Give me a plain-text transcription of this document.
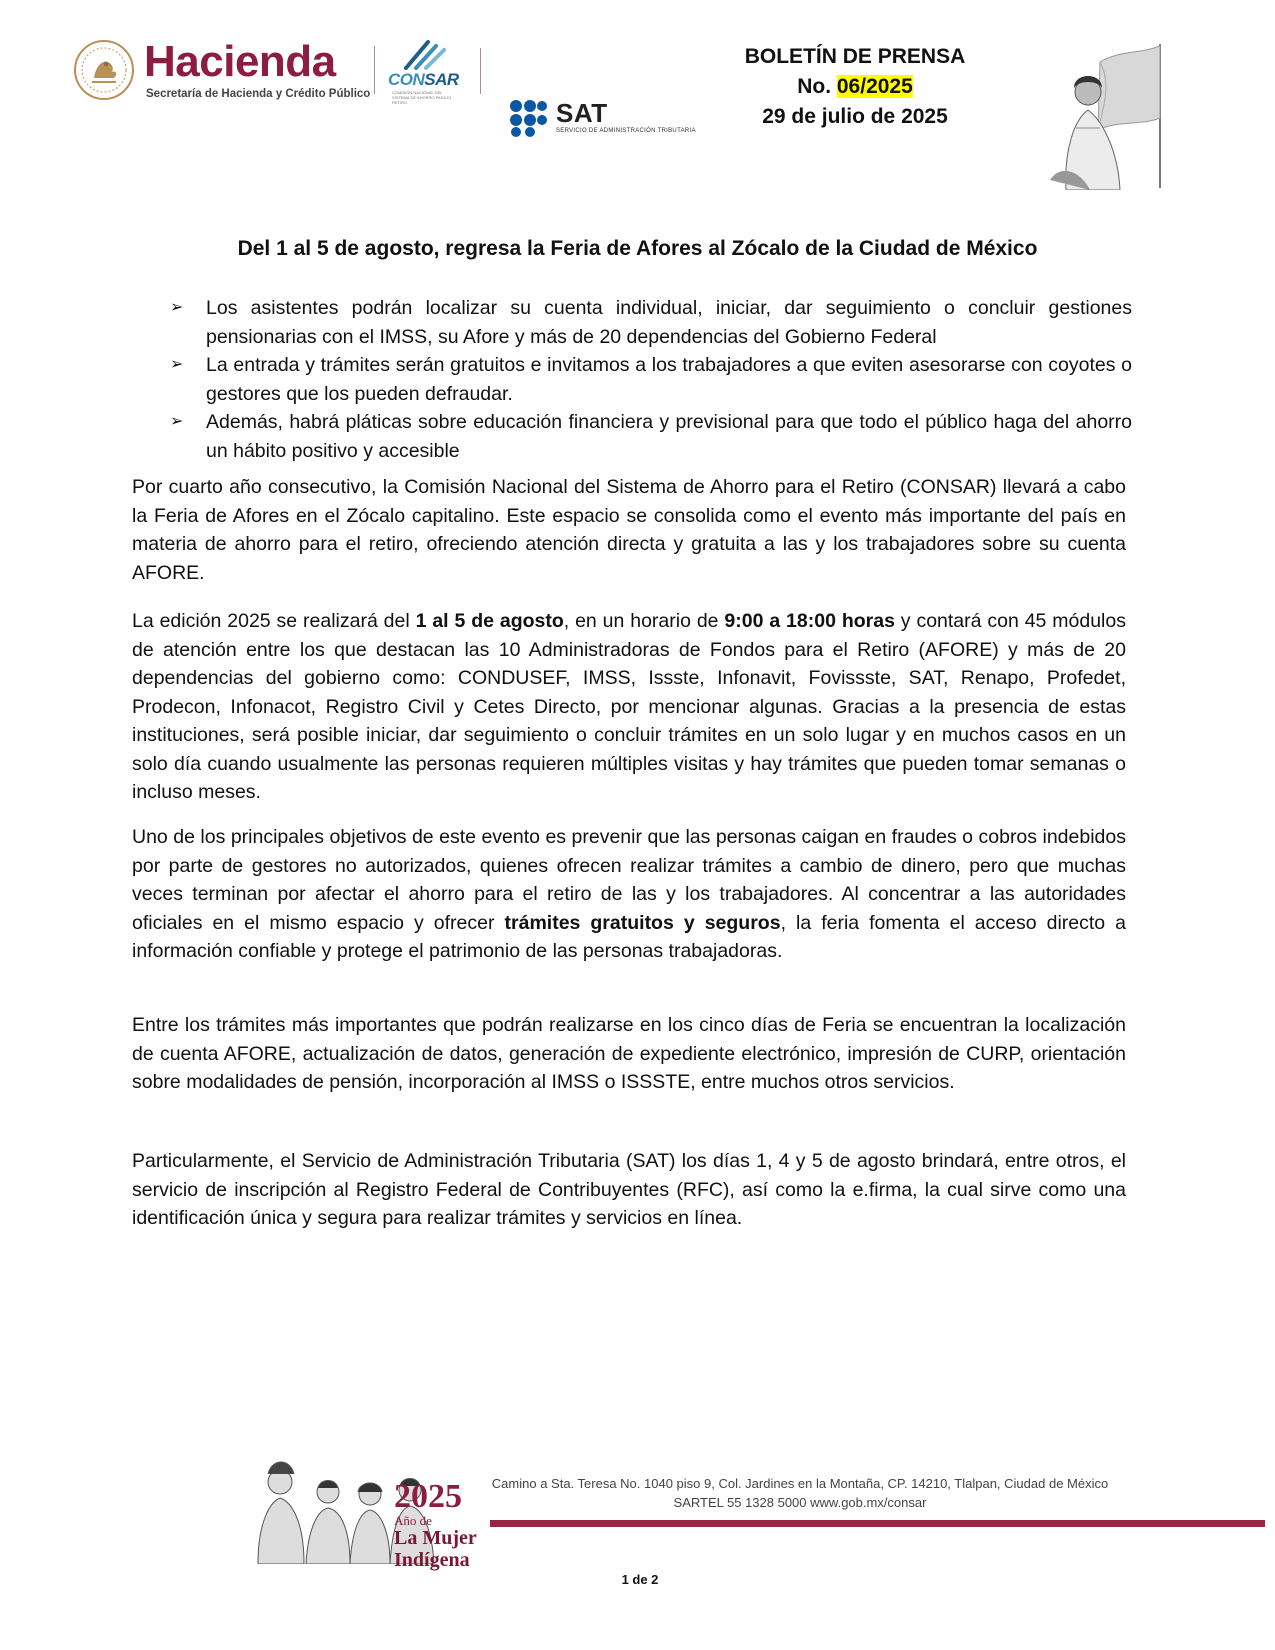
Hacienda
Secretaría de Hacienda y Crédito Público
CONSAR
COMISIÓN NACIONAL DEL SISTEMA DE AHORRO PARA EL RETIRO	SAT
SERVICIO DE ADMINISTRACIÓN TRIBUTARIA
BOLETÍN DE PRENSA
No. 06/2025
29 de julio de 2025
Del 1 al 5 de agosto, regresa la Feria de Afores al Zócalo de la Ciudad de México
➢ Los asistentes podrán localizar su cuenta individual, iniciar, dar seguimiento o concluir gestiones pensionarias con el IMSS, su Afore y más de 20 dependencias del Gobierno Federal
➢ La entrada y trámites serán gratuitos e invitamos a los trabajadores a que eviten asesorarse con coyotes o gestores que los pueden defraudar.
➢ Además, habrá pláticas sobre educación financiera y previsional para que todo el público haga del ahorro un hábito positivo y accesible

Por cuarto año consecutivo, la Comisión Nacional del Sistema de Ahorro para el Retiro (CONSAR) llevará a cabo la Feria de Afores en el Zócalo capitalino. Este espacio se consolida como el evento más importante del país en materia de ahorro para el retiro, ofreciendo atención directa y gratuita a las y los trabajadores sobre su cuenta AFORE.

La edición 2025 se realizará del 1 al 5 de agosto, en un horario de 9:00 a 18:00 horas y contará con 45 módulos de atención entre los que destacan las 10 Administradoras de Fondos para el Retiro (AFORE) y más de 20 dependencias del gobierno como: CONDUSEF, IMSS, Issste, Infonavit, Fovissste, SAT, Renapo, Profedet, Prodecon, Infonacot, Registro Civil y Cetes Directo, por mencionar algunas. Gracias a la presencia de estas instituciones, será posible iniciar, dar seguimiento o concluir trámites en un solo lugar y en muchos casos en un solo día cuando usualmente las personas requieren múltiples visitas y hay trámites que pueden tomar semanas o incluso meses.

Uno de los principales objetivos de este evento es prevenir que las personas caigan en fraudes o cobros indebidos por parte de gestores no autorizados, quienes ofrecen realizar trámites a cambio de dinero, pero que muchas veces terminan por afectar el ahorro para el retiro de las y los trabajadores. Al concentrar a las autoridades oficiales en el mismo espacio y ofrecer trámites gratuitos y seguros, la feria fomenta el acceso directo a información confiable y protege el patrimonio de las personas trabajadoras.

Entre los trámites más importantes que podrán realizarse en los cinco días de Feria se encuentran la localización de cuenta AFORE, actualización de datos, generación de expediente electrónico, impresión de CURP, orientación sobre modalidades de pensión, incorporación al IMSS o ISSSTE, entre muchos otros servicios.

Particularmente, el Servicio de Administración Tributaria (SAT) los días 1, 4 y 5 de agosto brindará, entre otros, el servicio de inscripción al Registro Federal de Contribuyentes (RFC), así como la e.firma, la cual sirve como una identificación única y segura para realizar trámites y servicios en línea.

2025
Año de
La Mujer
Indígena
Camino a Sta. Teresa No. 1040 piso 9, Col. Jardines en la Montaña, CP. 14210, Tlalpan, Ciudad de México
SARTEL 55 1328 5000 www.gob.mx/consar
1 de 2
